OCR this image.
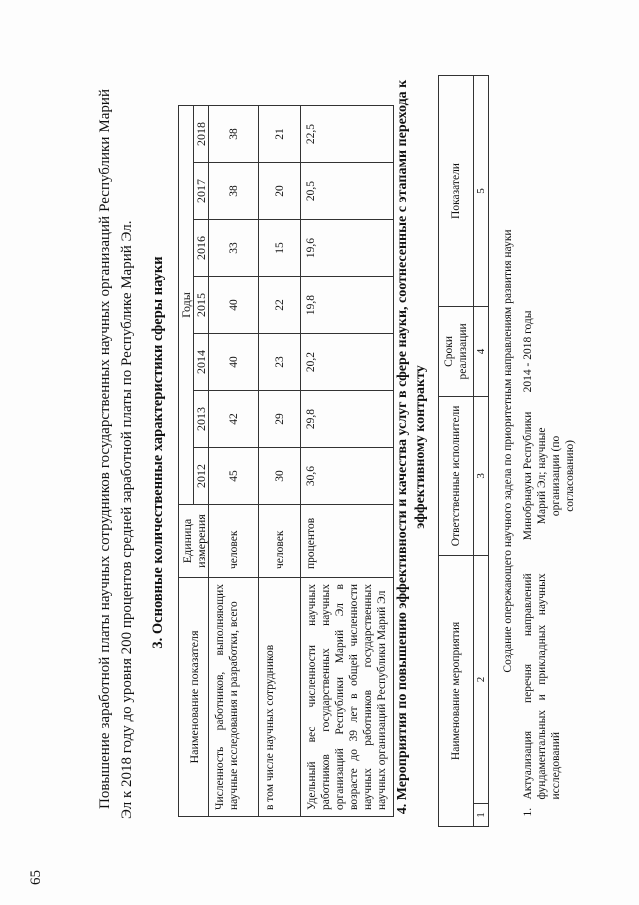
65
Повышение заработной платы научных сотрудников государственных научных организаций Республики Марий Эл к 2018 году до уровня 200 процентов средней заработной платы по Республике Марий Эл. 3. Основные количественные характеристики сферы науки
Наименование показателя	Единица измерения	Годы						
		2012	2013	2014	2015	2016	2017	2018
Численность работников, выполняющих научные исследования и разработки, всего	человек	45	42	40	40	33	38	38
в том числе научных сотрудников	человек	30	29	23	22	15	20	21
Удельный вес численности научных работников государственных научных организаций Республики Марий Эл в возрасте до 39 лет в общей численности научных работников государственных научных организаций Республики Марий Эл	процентов	30,6	29,8	20,2	19,8	19,6	20,5	22,5	4. Мероприятия по повышению эффективности и качества услуг в сфере науки, соотнесенные с этапами перехода к эффективному контракту
Наименование мероприятия		Ответственные исполнители	Сроки реализации	Показатели
1	2	3	4	5
Создание опережающего научного задела по приоритетным направлениям развития науки				
1.	Актуализация перечня направлений фундаментальных и прикладных научных исследований	Минобрнауки Республики Марий Эл; научные организации (по согласованию)	2014 - 2018 годы	
